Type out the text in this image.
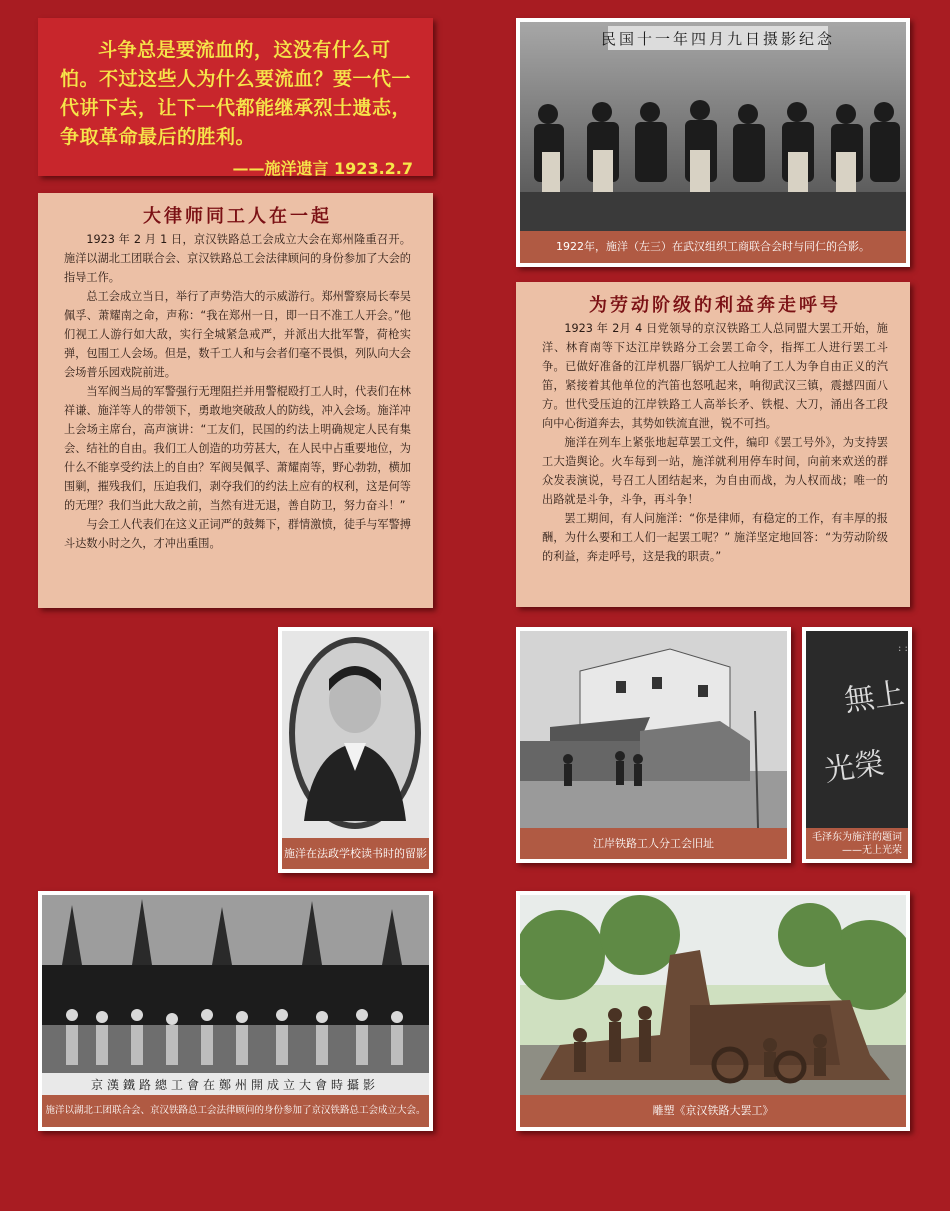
斗争总是要流血的，这没有什么可怕。不过这些人为什么要流血？要一代一代讲下去，让下一代都能继承烈士遗志，争取革命最后的胜利。
——施洋遗言 1923.2.7
民国十一年四月九日摄影纪念
1922年，施洋（左三）在武汉组织工商联合会时与同仁的合影。
大律师同工人在一起

1923 年 2 月 1 日，京汉铁路总工会成立大会在郑州隆重召开。施洋以湖北工团联合会、京汉铁路总工会法律顾问的身份参加了大会的指导工作。

总工会成立当日，举行了声势浩大的示威游行。郑州警察局长奉吴佩孚、萧耀南之命，声称：“我在郑州一日，即一日不准工人开会。”他们视工人游行如大敌，实行全城紧急戒严，并派出大批军警，荷枪实弹，包围工人会场。但是，数千工人和与会者们毫不畏惧，列队向大会会场普乐园戏院前进。

当军阀当局的军警强行无理阻拦并用警棍殴打工人时，代表们在林祥谦、施洋等人的带领下，勇敢地突破敌人的防线，冲入会场。施洋冲上会场主席台，高声演讲：“工友们，民国的约法上明确规定人民有集会、结社的自由。我们工人创造的功劳甚大，在人民中占重要地位，为什么不能享受约法上的自由？军阀吴佩孚、萧耀南等，野心勃勃，横加围剿，摧残我们，压迫我们，剥夺我们的约法上应有的权利，这是何等的无理？我们当此大敌之前，当然有进无退，善自防卫，努力奋斗！”

与会工人代表们在这义正词严的鼓舞下，群情激愤，徒手与军警搏斗达数小时之久，才冲出重围。

为劳动阶级的利益奔走呼号

1923 年 2月 4 日党领导的京汉铁路工人总同盟大罢工开始，施洋、林育南等下达江岸铁路分工会罢工命令，指挥工人进行罢工斗争。已做好准备的江岸机器厂锅炉工人拉响了工人为争自由正义的汽笛，紧接着其他单位的汽笛也怒吼起来，响彻武汉三镇，震撼四面八方。世代受压迫的江岸铁路工人高举长矛、铁棍、大刀，涌出各工段向中心街道奔去，其势如铁流直泄，锐不可挡。

施洋在列车上紧张地起草罢工文件，编印《罢工号外》，为支持罢工大造舆论。火车每到一站，施洋就利用停车时间，向前来欢送的群众发表演说，号召工人团结起来，为自由而战，为人权而战；唯一的出路就是斗争，斗争，再斗争！

罢工期间，有人问施洋：“你是律师，有稳定的工作，有丰厚的报酬，为什么要和工人们一起罢工呢？” 施洋坚定地回答：“为劳动阶级的利益，奔走呼号，这是我的职责。”

施洋在法政学校读书时的留影
江岸铁路工人分工会旧址
: :
無上
光榮
毛泽东为施洋的题词
——无上光荣
京漢鐵路總工會在鄭州開成立大會時攝影
施洋以湖北工团联合会、京汉铁路总工会法律顾问的身份参加了京汉铁路总工会成立大会。	雕塑《京汉铁路大罢工》
